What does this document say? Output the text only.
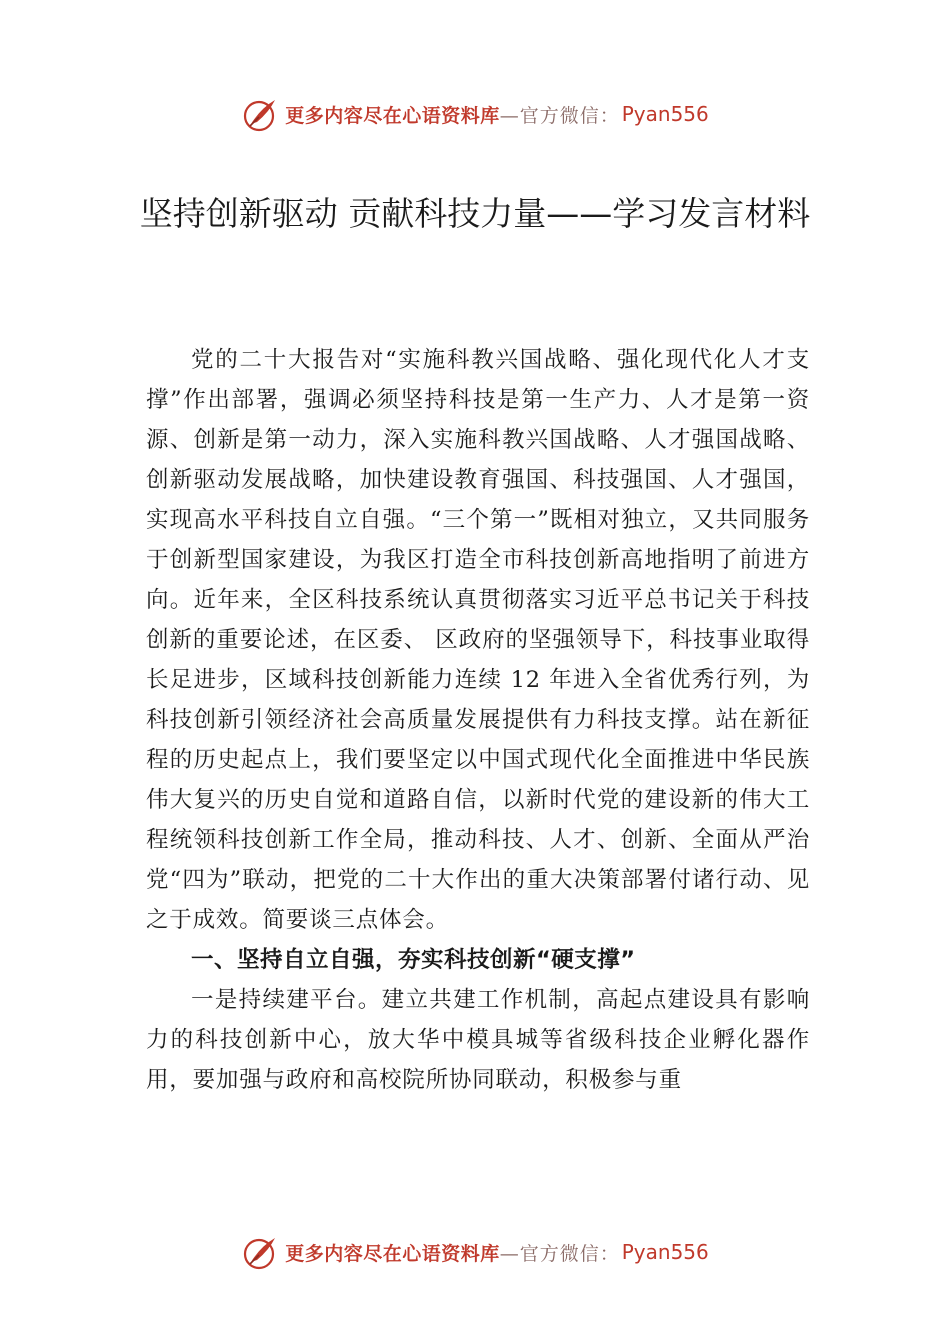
更多内容尽在心语资料库 —官方微信： Pyan556
坚持创新驱动 贡献科技力量——学习发言材料

党的二十大报告对“实施科教兴国战略、强化现代化人才支撑”作出部署，强调必须坚持科技是第一生产力、人才是第一资源、创新是第一动力，深入实施科教兴国战略、人才强国战略、创新驱动发展战略，加快建设教育强国、科技强国、人才强国，实现高水平科技自立自强。“三个第一”既相对独立，又共同服务于创新型国家建设，为我区打造全市科技创新高地指明了前进方向。近年来，全区科技系统认真贯彻落实习近平总书记关于科技创新的重要论述，在区委、 区政府的坚强领导下，科技事业取得长足进步，区域科技创新能力连续 12 年进入全省优秀行列，为科技创新引领经济社会高质量发展提供有力科技支撑。站在新征程的历史起点上，我们要坚定以中国式现代化全面推进中华民族伟大复兴的历史自觉和道路自信，以新时代党的建设新的伟大工程统领科技创新工作全局，推动科技、人才、创新、全面从严治党“四为”联动，把党的二十大作出的重大决策部署付诸行动、见之于成效。简要谈三点体会。

一、坚持自立自强，夯实科技创新“硬支撑”

一是持续建平台。建立共建工作机制，高起点建设具有影响力的科技创新中心，放大华中模具城等省级科技企业孵化器作用，要加强与政府和高校院所协同联动，积极参与重

更多内容尽在心语资料库 —官方微信： Pyan556
